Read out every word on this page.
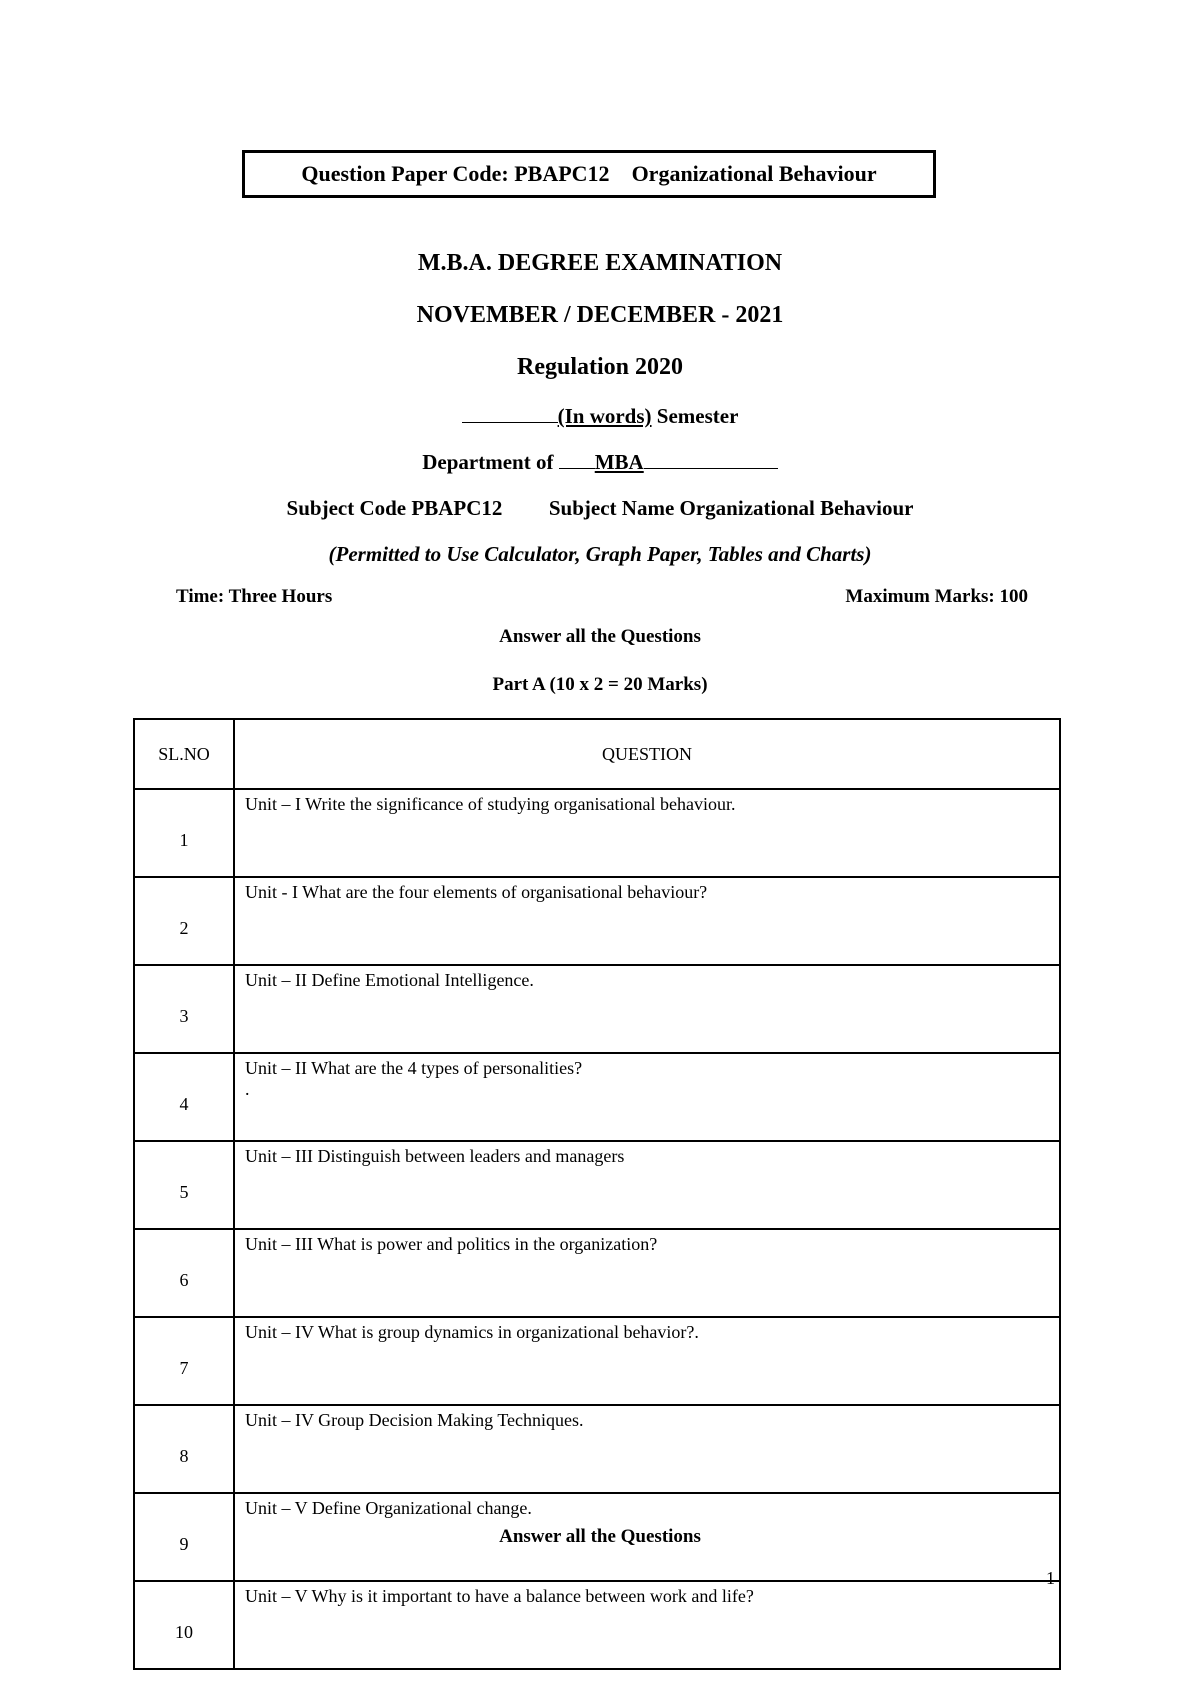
Question Paper Code: PBAPC12 Organizational Behaviour
M.B.A. DEGREE EXAMINATION
NOVEMBER / DECEMBER - 2021
Regulation 2020
(In words) Semester
Department of MBA
Subject Code PBAPC12 Subject Name Organizational Behaviour
(Permitted to Use Calculator, Graph Paper, Tables and Charts)
Time: Three Hours	Maximum Marks: 100
Answer all the Questions
Part A (10 x 2 = 20 Marks)
SL.NO	QUESTION
1	Unit – I Write the significance of studying organisational behaviour.

2	Unit - I What are the four elements of organisational behaviour?

3	Unit – II Define Emotional Intelligence.

4	Unit – II What are the 4 types of personalities?
.

5	Unit – III Distinguish between leaders and managers

6	Unit – III What is power and politics in the organization?

7	Unit – IV What is group dynamics in organizational behavior?.

8	Unit – IV Group Decision Making Techniques.

9	Unit – V Define Organizational change.

10	Unit – V Why is it important to have a balance between work and life?
Answer all the Questions
1
